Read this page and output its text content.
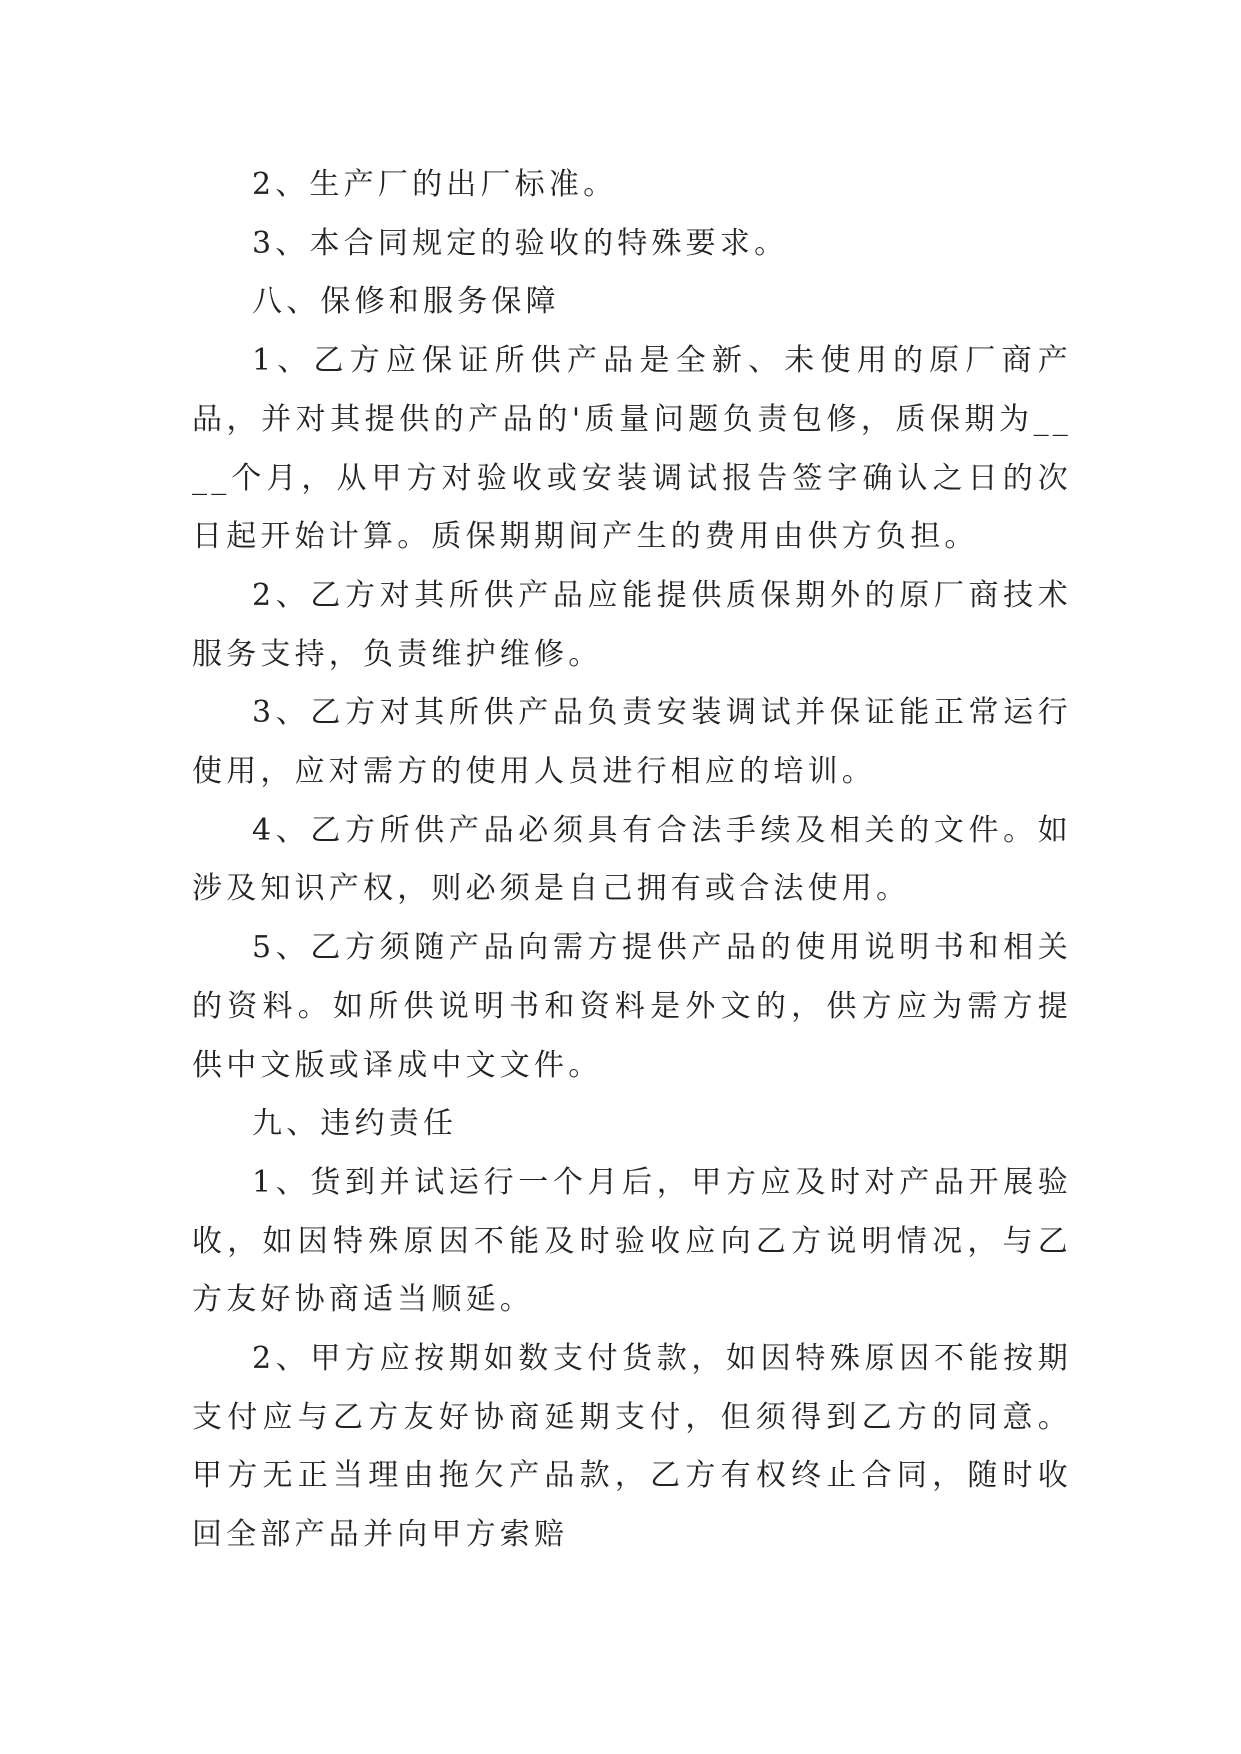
2、生产厂的出厂标准。

3、本合同规定的验收的特殊要求。

八、保修和服务保障

1、乙方应保证所供产品是全新、未使用的原厂商产品，并对其提供的产品的'质量问题负责包修，质保期为____个月，从甲方对验收或安装调试报告签字确认之日的次日起开始计算。质保期期间产生的费用由供方负担。

2、乙方对其所供产品应能提供质保期外的原厂商技术服务支持，负责维护维修。

3、乙方对其所供产品负责安装调试并保证能正常运行使用，应对需方的使用人员进行相应的培训。

4、乙方所供产品必须具有合法手续及相关的文件。如涉及知识产权，则必须是自己拥有或合法使用。

5、乙方须随产品向需方提供产品的使用说明书和相关的资料。如所供说明书和资料是外文的，供方应为需方提供中文版或译成中文文件。

九、违约责任

1、货到并试运行一个月后，甲方应及时对产品开展验收，如因特殊原因不能及时验收应向乙方说明情况，与乙方友好协商适当顺延。

2、甲方应按期如数支付货款，如因特殊原因不能按期支付应与乙方友好协商延期支付，但须得到乙方的同意。甲方无正当理由拖欠产品款，乙方有权终止合同，随时收回全部产品并向甲方索赔
